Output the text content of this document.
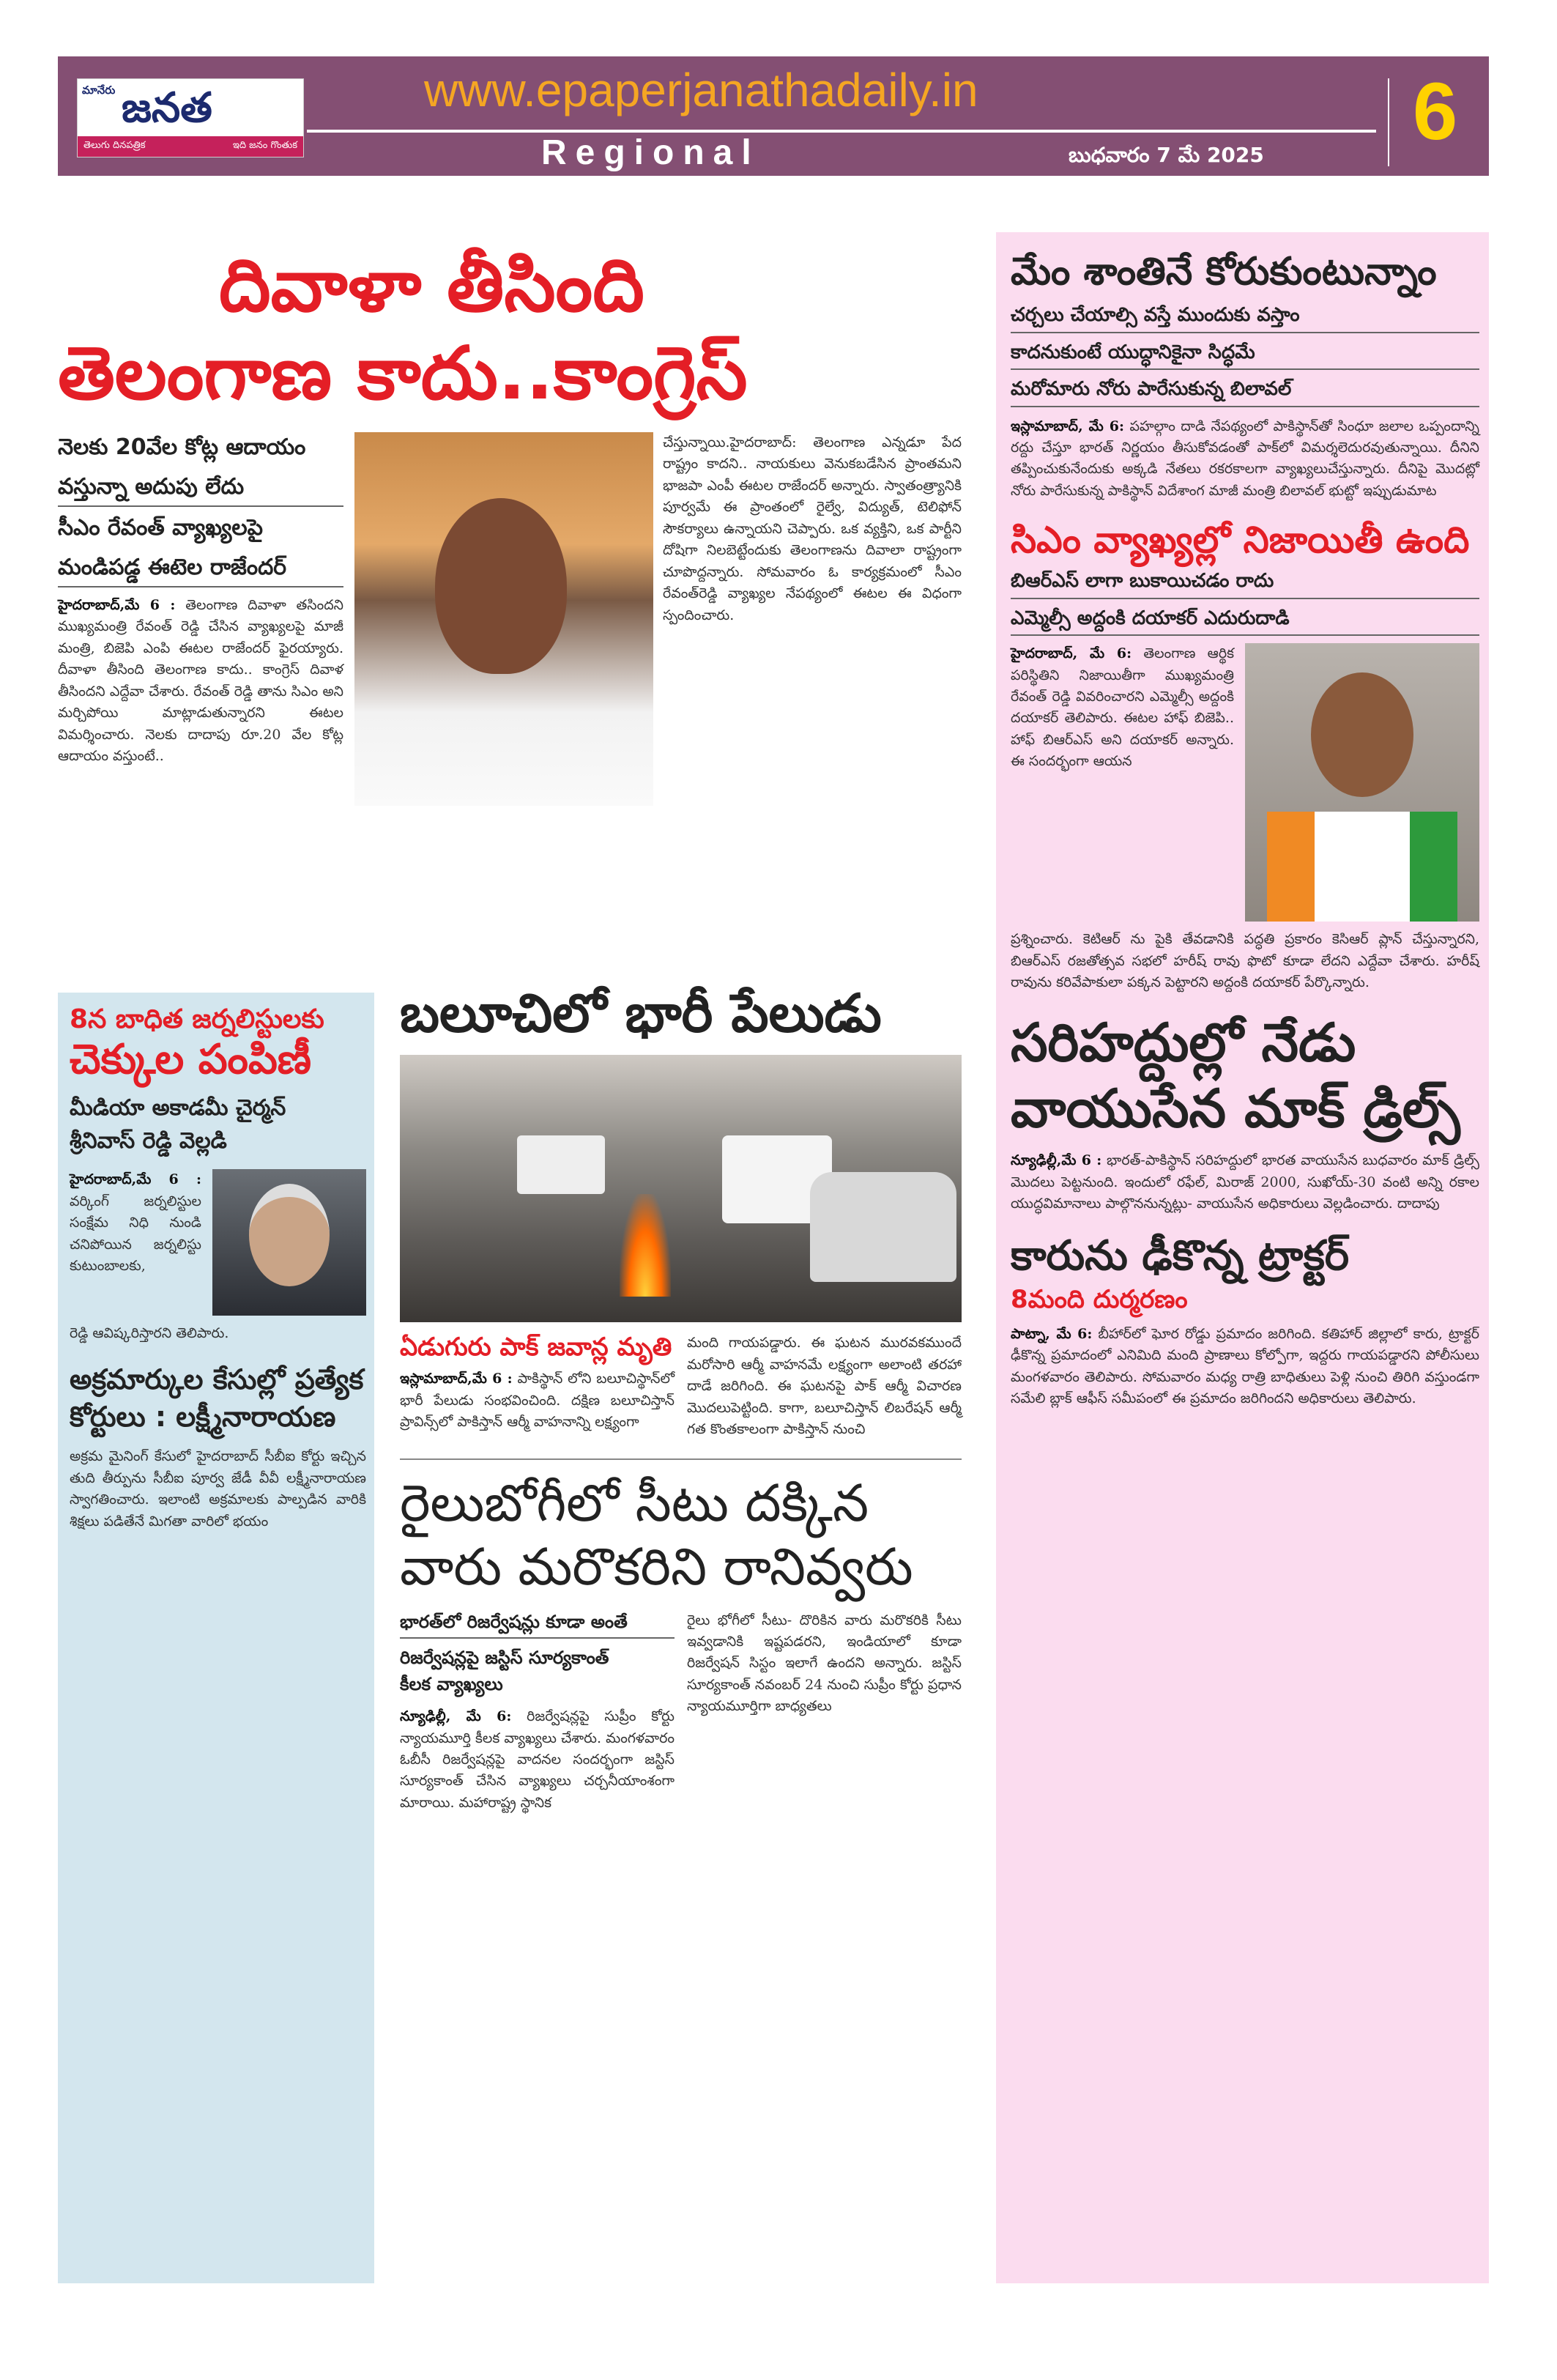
మానేరు జనత
తెలుగు దినపత్రిక	ఇది జనం గొంతుక
www.epaperjanathadaily.in
Regional	బుధవారం 7 మే 2025 6
దివాళా తీసింది
తెలంగాణ కాదు..కాంగ్రెస్
నెలకు 20వేల కోట్ల ఆదాయం
వస్తున్నా అదుపు లేదు
సీఎం రేవంత్ వ్యాఖ్యలపై
మండిపడ్డ ఈటెల రాజేందర్
హైదరాబాద్,మే 6 : తెలంగాణ దివాళా తసిందని ముఖ్యమంత్రి రేవంత్ రెడ్డి చేసిన వ్యాఖ్యలపై మాజీ మంత్రి, బిజెపి ఎంపి ఈటల రాజేందర్ ఫైరయ్యారు. దీవాళా తీసింది తెలంగాణ కాదు.. కాంగ్రెస్ దివాళ తీసిందని ఎద్దేవా చేశారు. రేవంత్ రెడ్డి తాను సిఎం అని మర్చిపోయి మాట్లాడుతున్నారని ఈటల విమర్శించారు. నెలకు దాదాపు రూ.20 వేల కోట్ల ఆదాయం వస్తుంటే..
చేస్తున్నాయి.హైదరాబాద్: తెలంగాణ ఎన్నడూ పేద రాష్ట్రం కాదని.. నాయకులు వెనుకబడేసిన ప్రాంతమని భాజపా ఎంపీ ఈటల రాజేందర్ అన్నారు. స్వాతంత్ర్యానికి పూర్వమే ఈ ప్రాంతంలో రైల్వే, విద్యుత్, టెలిఫోన్ సౌకర్యాలు ఉన్నాయని చెప్పారు. ఒక వ్యక్తిని, ఒక పార్టీని దోషిగా నిలబెట్టేందుకు తెలంగాణను దివాలా రాష్ట్రంగా చూపొద్దన్నారు. సోమవారం ఓ కార్యక్రమంలో సీఎం రేవంత్‌రెడ్డి వ్యాఖ్యల నేపథ్యంలో ఈటల ఈ విధంగా స్పందించారు.
మేం శాంతినే కోరుకుంటున్నాం
చర్చలు చేయాల్సి వస్తే ముందుకు వస్తాం
కాదనుకుంటే యుద్ధానికైనా సిద్ధమే
మరోమారు నోరు పారేసుకున్న బిలావల్
ఇస్లామాబాద్, మే 6: పహల్గాం దాడి నేపథ్యంలో పాకిస్థాన్‌తో సింధూ జలాల ఒప్పందాన్ని రద్దు చేస్తూ భారత్ నిర్ణయం తీసుకోవడంతో పాక్‌లో విమర్శలెదురవుతున్నాయి. దీనిని తప్పించుకునేందుకు అక్కడి నేతలు రకరకాలగా వ్యాఖ్యలుచేస్తున్నారు. దీనిపై మొదట్లో నోరు పారేసుకున్న పాకిస్థాన్ విదేశాంగ మాజీ మంత్రి బిలావల్ భుట్టో ఇప్పుడుమాట
సిఎం వ్యాఖ్యల్లో నిజాయితీ ఉంది
బిఆర్ఎస్ లాగా బుకాయిచడం రాదు
ఎమ్మెల్సీ అద్దంకి దయాకర్ ఎదురుదాడి
హైదరాబాద్, మే 6: తెలంగాణ ఆర్థిక పరిస్థితిని నిజాయితీగా ముఖ్యమంత్రి రేవంత్ రెడ్డి వివరించారని ఎమ్మెల్సీ అద్దంకి దయాకర్ తెలిపారు. ఈటల హాఫ్ బిజెపి.. హాఫ్ బిఆర్ఎస్ అని దయాకర్ అన్నారు. ఈ సందర్భంగా ఆయన
ప్రశ్నించారు. కెటిఆర్ ను పైకి తేవడానికి పద్ధతి ప్రకారం కెసిఆర్ ప్లాన్ చేస్తున్నారని, బిఆర్ఎస్ రజతోత్సవ సభలో హరీష్ రావు ఫొటో కూడా లేదని ఎద్దేవా చేశారు. హరీష్ రావును కరివేపాకులా పక్కన పెట్టారని అద్దంకి దయాకర్ పేర్కొన్నారు.
సరిహద్దుల్లో నేడు వాయుసేన మాక్ డ్రిల్స్
న్యూఢిల్లీ,మే 6 : భారత్-పాకిస్థాన్ సరిహద్దులో భారత వాయుసేన బుధవారం మాక్ డ్రిల్స్ మొదలు పెట్టనుంది. ఇందులో రఫేల్, మిరాజ్ 2000, సుఖోయ్-30 వంటి అన్ని రకాల యుద్ధవిమానాలు పాల్గొననున్నట్లు- వాయుసేన అధికారులు వెల్లడించారు. దాదాపు
కారును ఢీకొన్న ట్రాక్టర్
8మంది దుర్మరణం
పాట్నా, మే 6: బీహార్‌లో ఘోర రోడ్డు ప్రమాదం జరిగింది. కతిహార్ జిల్లాలో కారు, ట్రాక్టర్ ఢీకొన్న ప్రమాదంలో ఎనిమిది మంది ప్రాణాలు కోల్పోగా, ఇద్దరు గాయపడ్డారని పోలీసులు మంగళవారం తెలిపారు. సోమవారం మధ్య రాత్రి బాధితులు పెళ్లి నుంచి తిరిగి వస్తుండగా సమేలి బ్లాక్ ఆఫీస్ సమీపంలో ఈ ప్రమాదం జరిగిందని అధికారులు తెలిపారు.
8న బాధిత జర్నలిస్టులకు
చెక్కుల పంపిణీ
మీడియా అకాడమీ చైర్మన్
శ్రీనివాస్ రెడ్డి వెల్లడి
హైదరాబాద్,మే 6 : వర్కింగ్ జర్నలిస్టుల సంక్షేమ నిధి నుండి చనిపోయిన జర్నలిస్టు కుటుంబాలకు,
రెడ్డి ఆవిష్కరిస్తారని తెలిపారు.
అక్రమార్కుల కేసుల్లో ప్రత్యేక కోర్టులు : లక్ష్మీనారాయణ
అక్రమ మైనింగ్ కేసులో హైదరాబాద్ సీబీఐ కోర్టు ఇచ్చిన తుది తీర్పును సీబీఐ పూర్వ జేడీ వీవీ లక్ష్మీనారాయణ స్వాగతించారు. ఇలాంటి అక్రమాలకు పాల్పడిన వారికి శిక్షలు పడితేనే మిగతా వారిలో భయం
బలూచిలో భారీ పేలుడు
ఏడుగురు పాక్ జవాన్ల మృతి
ఇస్లామాబాద్,మే 6 : పాకిస్థాన్ లోని బలూచిస్థాన్‌లో భారీ పేలుడు సంభవించింది. దక్షిణ బలూచిస్తాన్ ప్రావిన్స్‌లో పాకిస్తాన్ ఆర్మీ వాహనాన్ని లక్ష్యంగా
మంది గాయపడ్డారు. ఈ ఘటన మురవకముందే మరోసారి ఆర్మీ వాహనమే లక్ష్యంగా అలాంటి తరహా దాడే జరిగింది. ఈ ఘటనపై పాక్ ఆర్మీ విచారణ మొదలుపెట్టింది. కాగా, బలూచిస్తాన్ లిబరేషన్ ఆర్మీ గత కొంతకాలంగా పాకిస్తాన్ నుంచి
రైలుబోగీలో సీటు దక్కిన
వారు మరొకరిని రానివ్వరు
భారత్‌లో రిజర్వేషన్లు కూడా అంతే
రిజర్వేషన్లపై జస్టిస్ సూర్యకాంత్
కీలక వ్యాఖ్యలు
న్యూఢిల్లీ, మే 6: రిజర్వేషన్లపై సుప్రీం కోర్టు న్యాయమూర్తి కీలక వ్యాఖ్యలు చేశారు. మంగళవారం ఓబీసీ రిజర్వేషన్లపై వాదనల సందర్భంగా జస్టిస్ సూర్యకాంత్ చేసిన వ్యాఖ్యలు చర్చనీయాంశంగా మారాయి. మహారాష్ట్ర స్థానిక
రైలు భోగీలో సీటు- దొరికిన వారు మరొకరికి సీటు ఇవ్వడానికి ఇష్టపడరని, ఇండియాలో కూడా రిజర్వేషన్ సిస్టం ఇలాగే ఉందని అన్నారు. జస్టిస్ సూర్యకాంత్ నవంబర్ 24 నుంచి సుప్రీం కోర్టు ప్రధాన న్యాయమూర్తిగా బాధ్యతలు
